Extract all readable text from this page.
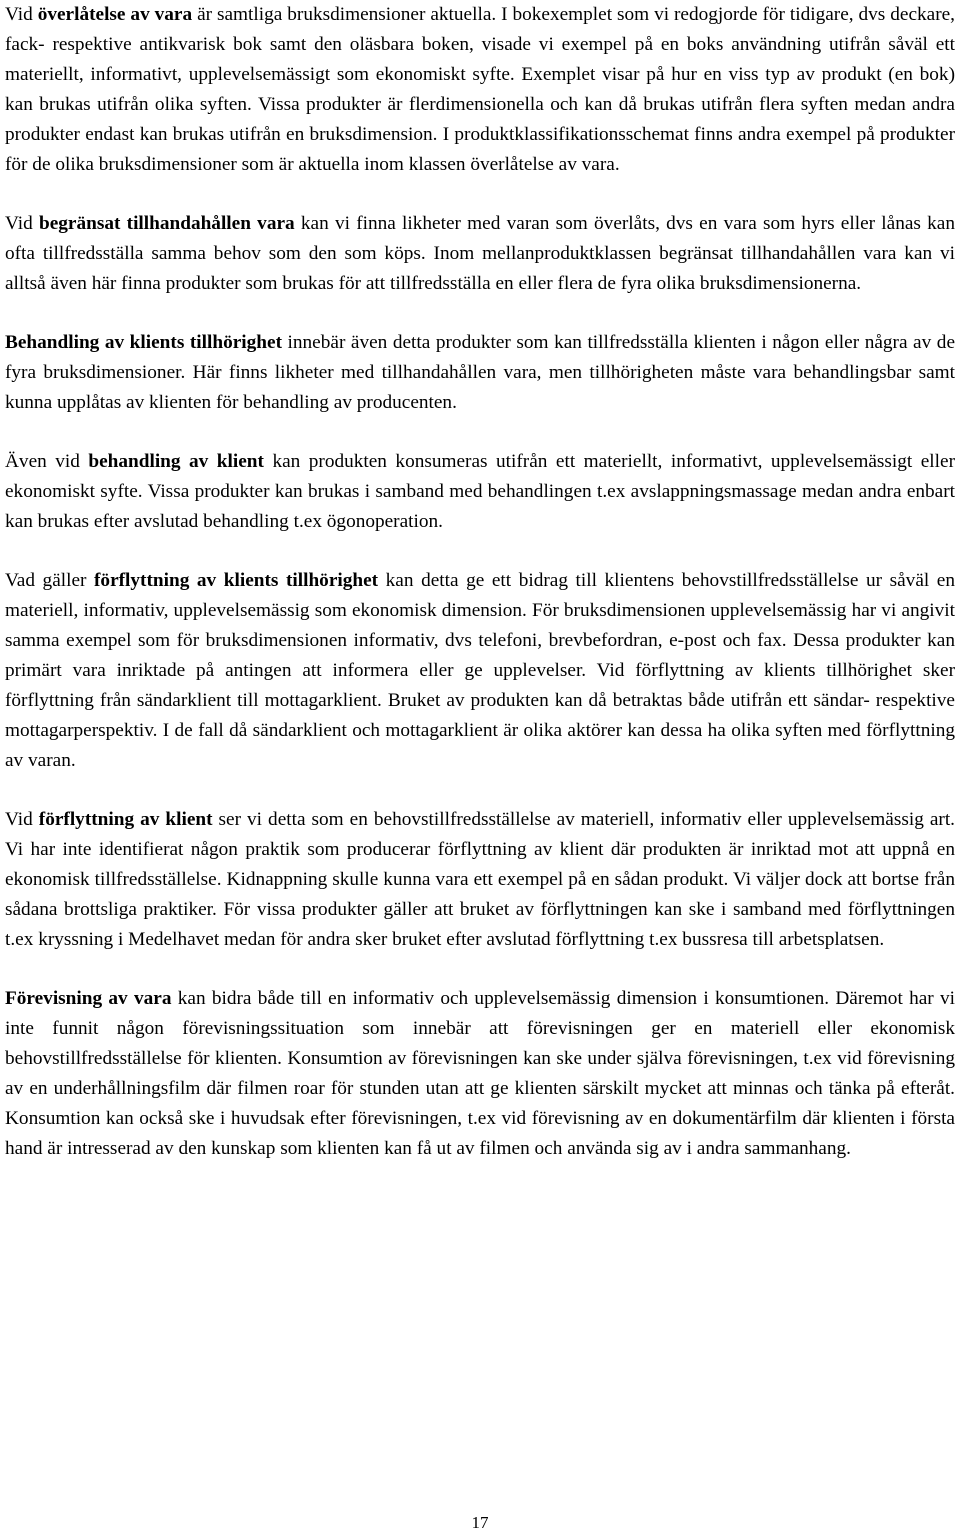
Vid överlåtelse av vara är samtliga bruksdimensioner aktuella. I bokexemplet som vi redogjorde för tidigare, dvs deckare, fack- respektive antikvarisk bok samt den oläsbara boken, visade vi exempel på en boks användning utifrån såväl ett materiellt, informativt, upplevelsemässigt som ekonomiskt syfte. Exemplet visar på hur en viss typ av produkt (en bok) kan brukas utifrån olika syften. Vissa produkter är flerdimensionella och kan då brukas utifrån flera syften medan andra produkter endast kan brukas utifrån en bruksdimension. I produktklassifikationsschemat finns andra exempel på produkter för de olika bruksdimensioner som är aktuella inom klassen överlåtelse av vara.

Vid begränsat tillhandahållen vara kan vi finna likheter med varan som överlåts, dvs en vara som hyrs eller lånas kan ofta tillfredsställa samma behov som den som köps. Inom mellanproduktklassen begränsat tillhandahållen vara kan vi alltså även här finna produkter som brukas för att tillfredsställa en eller flera de fyra olika bruksdimensionerna.

Behandling av klients tillhörighet innebär även detta produkter som kan tillfredsställa klienten i någon eller några av de fyra bruksdimensioner. Här finns likheter med tillhandahållen vara, men tillhörigheten måste vara behandlingsbar samt kunna upplåtas av klienten för behandling av producenten.

Även vid behandling av klient kan produkten konsumeras utifrån ett materiellt, informativt, upplevelsemässigt eller ekonomiskt syfte. Vissa produkter kan brukas i samband med behandlingen t.ex avslappningsmassage medan andra enbart kan brukas efter avslutad behandling t.ex ögonoperation.

Vad gäller förflyttning av klients tillhörighet kan detta ge ett bidrag till klientens behovstillfredsställelse ur såväl en materiell, informativ, upplevelsemässig som ekonomisk dimension. För bruksdimensionen upplevelsemässig har vi angivit samma exempel som för bruksdimensionen informativ, dvs telefoni, brevbefordran, e-post och fax. Dessa produkter kan primärt vara inriktade på antingen att informera eller ge upplevelser. Vid förflyttning av klients tillhörighet sker förflyttning från sändarklient till mottagarklient. Bruket av produkten kan då betraktas både utifrån ett sändar- respektive mottagarperspektiv. I de fall då sändarklient och mottagarklient är olika aktörer kan dessa ha olika syften med förflyttning av varan.

Vid förflyttning av klient ser vi detta som en behovstillfredsställelse av materiell, informativ eller upplevelsemässig art. Vi har inte identifierat någon praktik som producerar förflyttning av klient där produkten är inriktad mot att uppnå en ekonomisk tillfredsställelse. Kidnappning skulle kunna vara ett exempel på en sådan produkt. Vi väljer dock att bortse från sådana brottsliga praktiker. För vissa produkter gäller att bruket av förflyttningen kan ske i samband med förflyttningen t.ex kryssning i Medelhavet medan för andra sker bruket efter avslutad förflyttning t.ex bussresa till arbetsplatsen.

Förevisning av vara kan bidra både till en informativ och upplevelsemässig dimension i konsumtionen. Däremot har vi inte funnit någon förevisningssituation som innebär att förevisningen ger en materiell eller ekonomisk behovstillfredsställelse för klienten. Konsumtion av förevisningen kan ske under själva förevisningen, t.ex vid förevisning av en underhållningsfilm där filmen roar för stunden utan att ge klienten särskilt mycket att minnas och tänka på efteråt. Konsumtion kan också ske i huvudsak efter förevisningen, t.ex vid förevisning av en dokumentärfilm där klienten i första hand är intresserad av den kunskap som klienten kan få ut av filmen och använda sig av i andra sammanhang.

17
